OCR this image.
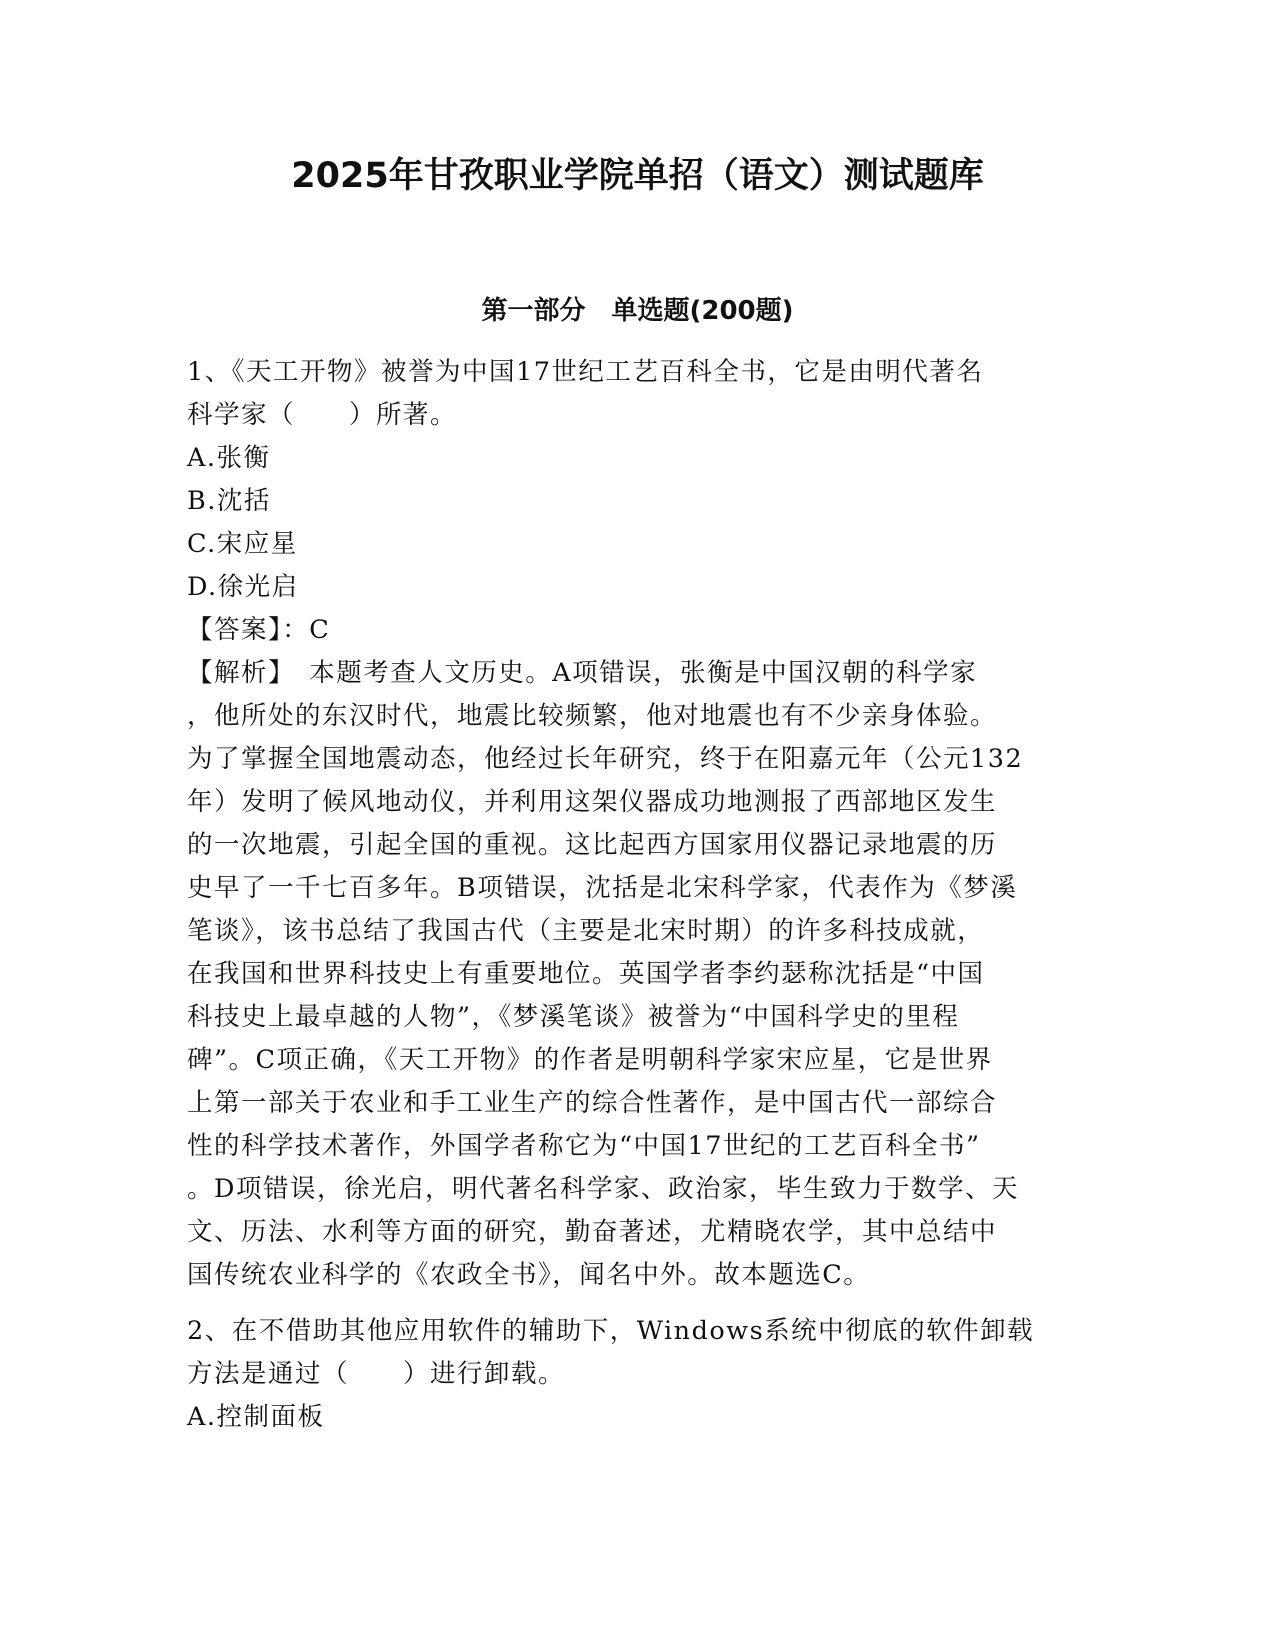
2025年甘孜职业学院单招（语文）测试题库
第一部分　单选题(200题)
1、《天工开物》被誉为中国17世纪工艺百科全书，它是由明代著名
科学家（　　）所著。
A.张衡
B.沈括
C.宋应星
D.徐光启
【答案】：C
【解析】　本题考查人文历史。A项错误，张衡是中国汉朝的科学家
，他所处的东汉时代，地震比较频繁，他对地震也有不少亲身体验。
为了掌握全国地震动态，他经过长年研究，终于在阳嘉元年（公元132
年）发明了候风地动仪，并利用这架仪器成功地测报了西部地区发生
的一次地震，引起全国的重视。这比起西方国家用仪器记录地震的历
史早了一千七百多年。B项错误，沈括是北宋科学家，代表作为《梦溪
笔谈》，该书总结了我国古代（主要是北宋时期）的许多科技成就，
在我国和世界科技史上有重要地位。英国学者李约瑟称沈括是“中国
科技史上最卓越的人物”，《梦溪笔谈》被誉为“中国科学史的里程
碑”。C项正确，《天工开物》的作者是明朝科学家宋应星，它是世界
上第一部关于农业和手工业生产的综合性著作，是中国古代一部综合
性的科学技术著作，外国学者称它为“中国17世纪的工艺百科全书”
。D项错误，徐光启，明代著名科学家、政治家，毕生致力于数学、天
文、历法、水利等方面的研究，勤奋著述，尤精晓农学，其中总结中
国传统农业科学的《农政全书》，闻名中外。故本题选C。
2、在不借助其他应用软件的辅助下，Windows系统中彻底的软件卸载
方法是通过（　　）进行卸载。
A.控制面板
